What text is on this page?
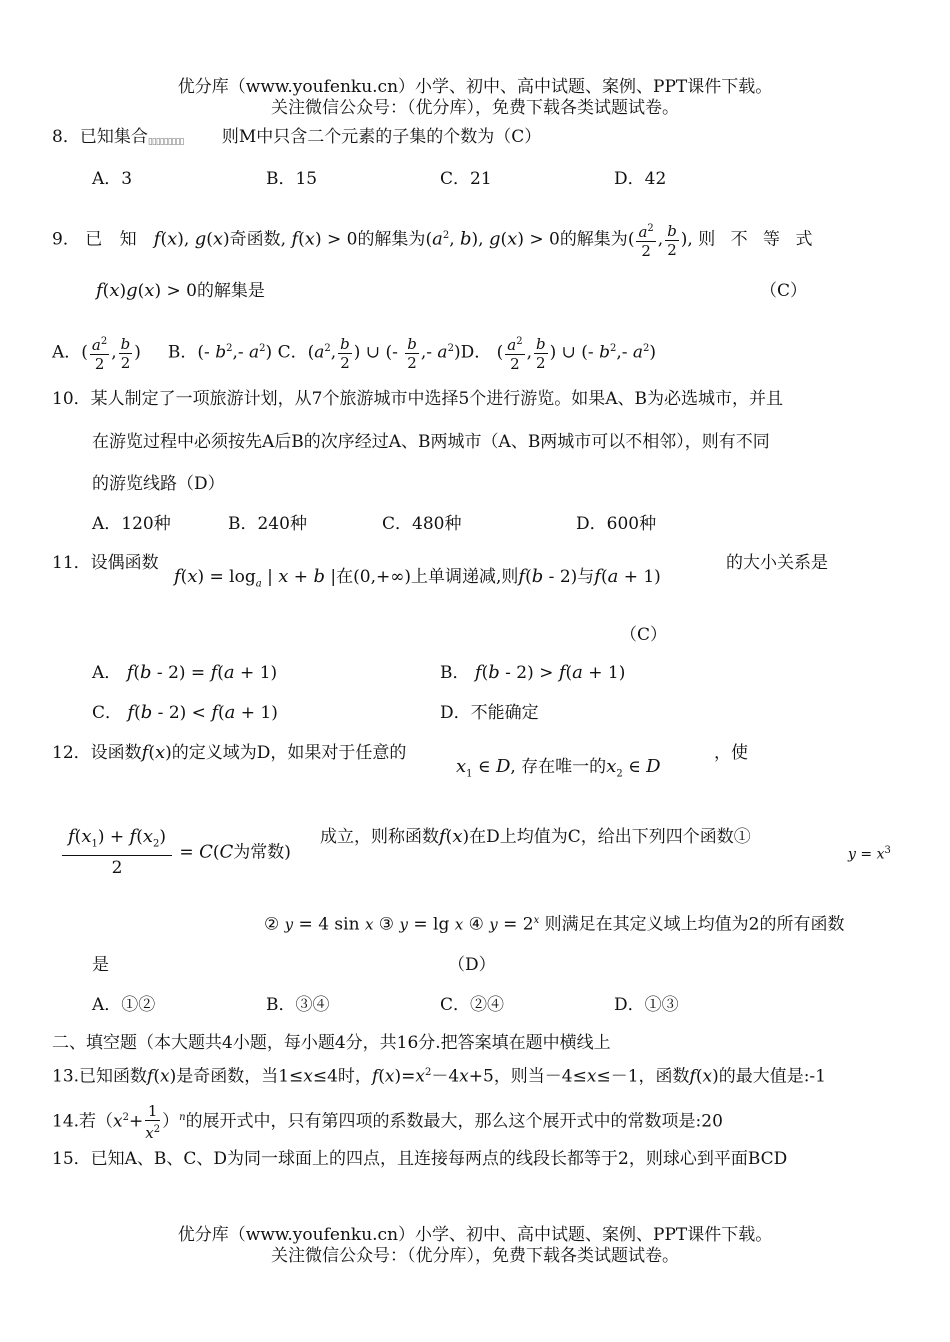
优分库（www.youfenku.cn）小学、初中、高中试题、案例、PPT课件下载。
关注微信公众号：（优分库），免费下载各类试题试卷。
8．已知集合▯▯▯▯▯▯▯▯▯ 则M中只含二个元素的子集的个数为（C）
A．3	B．15	C．21	D．42
9． 已 知  f(x), g(x)奇函数, f(x) > 0的解集为($a^2$, b), g(x) > 0的解集为( $\frac{a^2}{2}$ , $\frac{b}{2}$ ), 则 不 等 式
f(x)g(x) > 0的解集是	（C）
A．( $\frac{a^2}{2}$ , $\frac{b}{2}$ )     B．(- $b^2,-$ $a^2$) C．($a^2$, $\frac{b}{2}$ ) ∪ (- $\frac{b}{2}$ ,- $a^2)D$． ( $\frac{a^2}{2}$ , $\frac{b}{2}$ ) ∪ (- $b^2,-$ $a^2$)
10．某人制定了一项旅游计划，从7个旅游城市中选择5个进行游览。如果A、B为必选城市，并且
在游览过程中必须按先A后B的次序经过A、B两城市（A、B两城市可以不相邻），则有不同
的游览线路（D）
A．120种	B．240种	C．480种	D．600种
11．设偶函数
$f(x) = \log_a$ | x + b |在(0,+∞)上单调递减,则f(b - 2)与f(a + 1)
的大小关系是
（C）
A． f(b - 2) = f(a + 1)	B． f(b - 2) > f(a + 1)
C． f(b - 2) < f(a + 1)	D．不能确定
12．设函数f(x)的定义域为D，如果对于任意的
$x_1$ ∈ D, 存在唯一的$x_2$ ∈ D
，使
$\frac{f(x_1) + f(x_2)}{2} = C(C$为常数)
成立，则称函数f(x)在D上均值为C，给出下列四个函数①
$y = x^3$
② y = 4 sin x ③ y = lg x ④ $y = 2^x$ 则满足在其定义域上均值为2的所有函数
是	（D）
A．①②	B．③④	C．②④	D．①③
二、填空题（本大题共4小题，每小题4分，共16分.把答案填在题中横线上
13.已知函数f(x)是奇函数，当1≤x≤4时，$f(x)=x^2-4x+5$，则当－4≤x≤－1，函数f(x)的最大值是:-1
14.若$(x^2+ \frac{1}{x^2} )^n$的展开式中，只有第四项的系数最大，那么这个展开式中的常数项是:20
15．已知A、B、C、D为同一球面上的四点，且连接每两点的线段长都等于2，则球心到平面BCD
优分库（www.youfenku.cn）小学、初中、高中试题、案例、PPT课件下载。
关注微信公众号：（优分库），免费下载各类试题试卷。
